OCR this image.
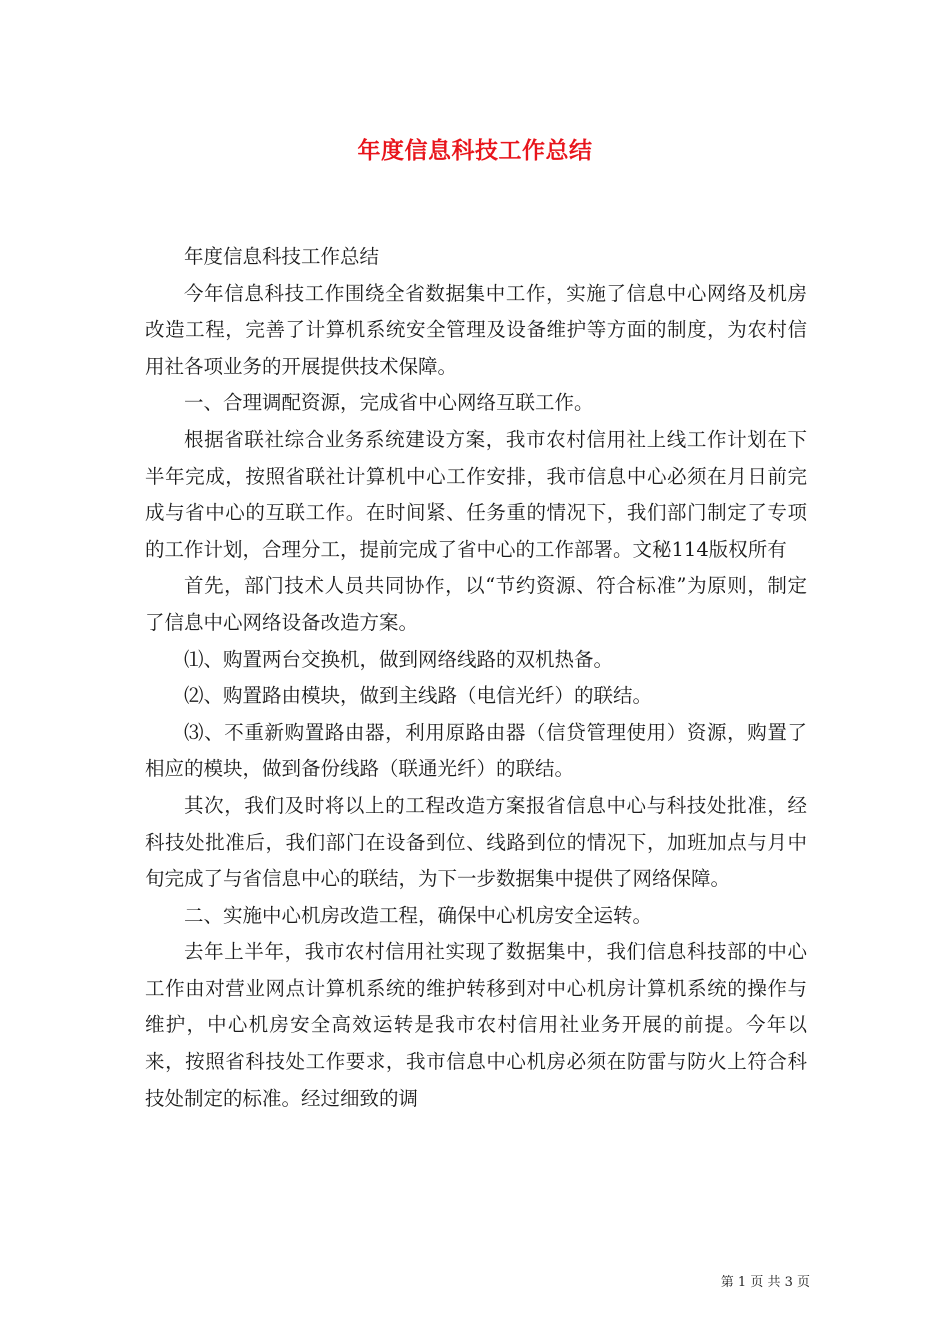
年度信息科技工作总结

年度信息科技工作总结

今年信息科技工作围绕全省数据集中工作，实施了信息中心网络及机房改造工程，完善了计算机系统安全管理及设备维护等方面的制度，为农村信用社各项业务的开展提供技术保障。

一、合理调配资源，完成省中心网络互联工作。

根据省联社综合业务系统建设方案，我市农村信用社上线工作计划在下半年完成，按照省联社计算机中心工作安排，我市信息中心必须在月日前完成与省中心的互联工作。在时间紧、任务重的情况下，我们部门制定了专项的工作计划，合理分工，提前完成了省中心的工作部署。文秘114版权所有

首先，部门技术人员共同协作，以“节约资源、符合标准”为原则，制定了信息中心网络设备改造方案。

⑴、购置两台交换机，做到网络线路的双机热备。

⑵、购置路由模块，做到主线路（电信光纤）的联结。

⑶、不重新购置路由器，利用原路由器（信贷管理使用）资源，购置了相应的模块，做到备份线路（联通光纤）的联结。

其次，我们及时将以上的工程改造方案报省信息中心与科技处批准，经科技处批准后，我们部门在设备到位、线路到位的情况下，加班加点与月中旬完成了与省信息中心的联结，为下一步数据集中提供了网络保障。

二、实施中心机房改造工程，确保中心机房安全运转。

去年上半年，我市农村信用社实现了数据集中，我们信息科技部的中心工作由对营业网点计算机系统的维护转移到对中心机房计算机系统的操作与维护，中心机房安全高效运转是我市农村信用社业务开展的前提。今年以来，按照省科技处工作要求，我市信息中心机房必须在防雷与防火上符合科技处制定的标准。经过细致的调

第 1 页 共 3 页
